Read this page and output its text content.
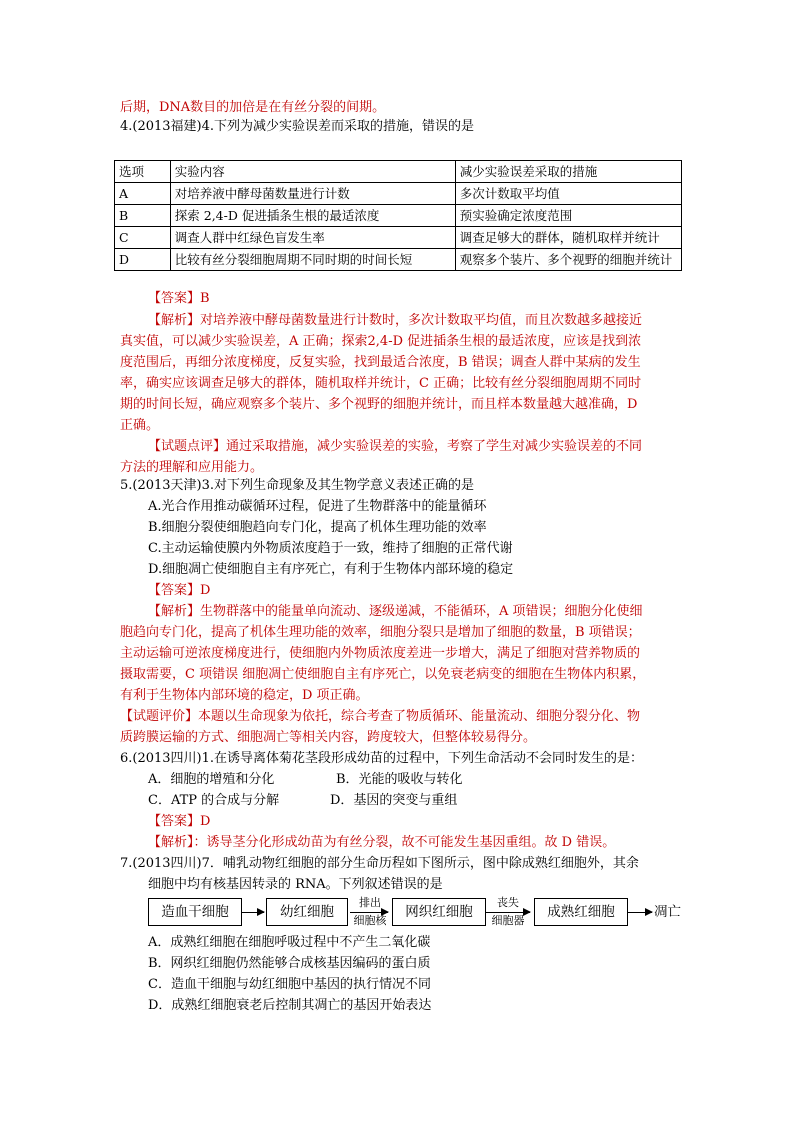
后期，DNA数目的加倍是在有丝分裂的间期。
4.(2013福建)4.下列为减少实验误差而采取的措施，错误的是
选项	实验内容	减少实验误差采取的措施
A	对培养液中酵母菌数量进行计数	多次计数取平均值
B	探索 2,4-D 促进插条生根的最适浓度	预实验确定浓度范围
C	调查人群中红绿色盲发生率	调查足够大的群体，随机取样并统计
D	比较有丝分裂细胞周期不同时期的时间长短	观察多个装片、多个视野的细胞并统计
【答案】B
【解析】对培养液中酵母菌数量进行计数时，多次计数取平均值，而且次数越多越接近
真实值，可以减少实验误差，A 正确；探索2,4-D 促进插条生根的最适浓度，应该是找到浓
度范围后，再细分浓度梯度，反复实验，找到最适合浓度，B 错误；调查人群中某病的发生
率，确实应该调查足够大的群体，随机取样并统计，C 正确；比较有丝分裂细胞周期不同时
期的时间长短，确应观察多个装片、多个视野的细胞并统计，而且样本数量越大越准确，D
正确。
【试题点评】通过采取措施，减少实验误差的实验，考察了学生对减少实验误差的不同
方法的理解和应用能力。
5.(2013天津)3.对下列生命现象及其生物学意义表述正确的是
A.光合作用推动碳循环过程，促进了生物群落中的能量循环
B.细胞分裂使细胞趋向专门化，提高了机体生理功能的效率
C.主动运输使膜内外物质浓度趋于一致，维持了细胞的正常代谢
D.细胞凋亡使细胞自主有序死亡，有利于生物体内部环境的稳定
【答案】D
【解析】生物群落中的能量单向流动、逐级递减，不能循环，A 项错误；细胞分化使细
胞趋向专门化，提高了机体生理功能的效率，细胞分裂只是增加了细胞的数量，B 项错误；
主动运输可逆浓度梯度进行，使细胞内外物质浓度差进一步增大，满足了细胞对营养物质的
摄取需要，C 项错误 细胞凋亡使细胞自主有序死亡，以免衰老病变的细胞在生物体内积累，
有利于生物体内部环境的稳定，D 项正确。
【试题评价】本题以生命现象为依托，综合考查了物质循环、能量流动、细胞分裂分化、物
质跨膜运输的方式、细胞凋亡等相关内容，跨度较大，但整体较易得分。
6.(2013四川)1.在诱导离体菊花茎段形成幼苗的过程中，下列生命活动不会同时发生的是：
A．细胞的增殖和分化	B．光能的吸收与转化
C．ATP 的合成与分解	D．基因的突变与重组
【答案】D
【解析】：诱导茎分化形成幼苗为有丝分裂，故不可能发生基因重组。故 D 错误。
7.(2013四川)7．哺乳动物红细胞的部分生命历程如下图所示，图中除成熟红细胞外，其余
细胞中均有核基因转录的 RNA。下列叙述错误的是
造血干细胞	幼红细胞
排出
细胞核
网织红细胞
丧失
细胞器
成熟红细胞	凋亡
A．成熟红细胞在细胞呼吸过程中不产生二氧化碳
B．网织红细胞仍然能够合成核基因编码的蛋白质
C．造血干细胞与幼红细胞中基因的执行情况不同
D．成熟红细胞衰老后控制其凋亡的基因开始表达
